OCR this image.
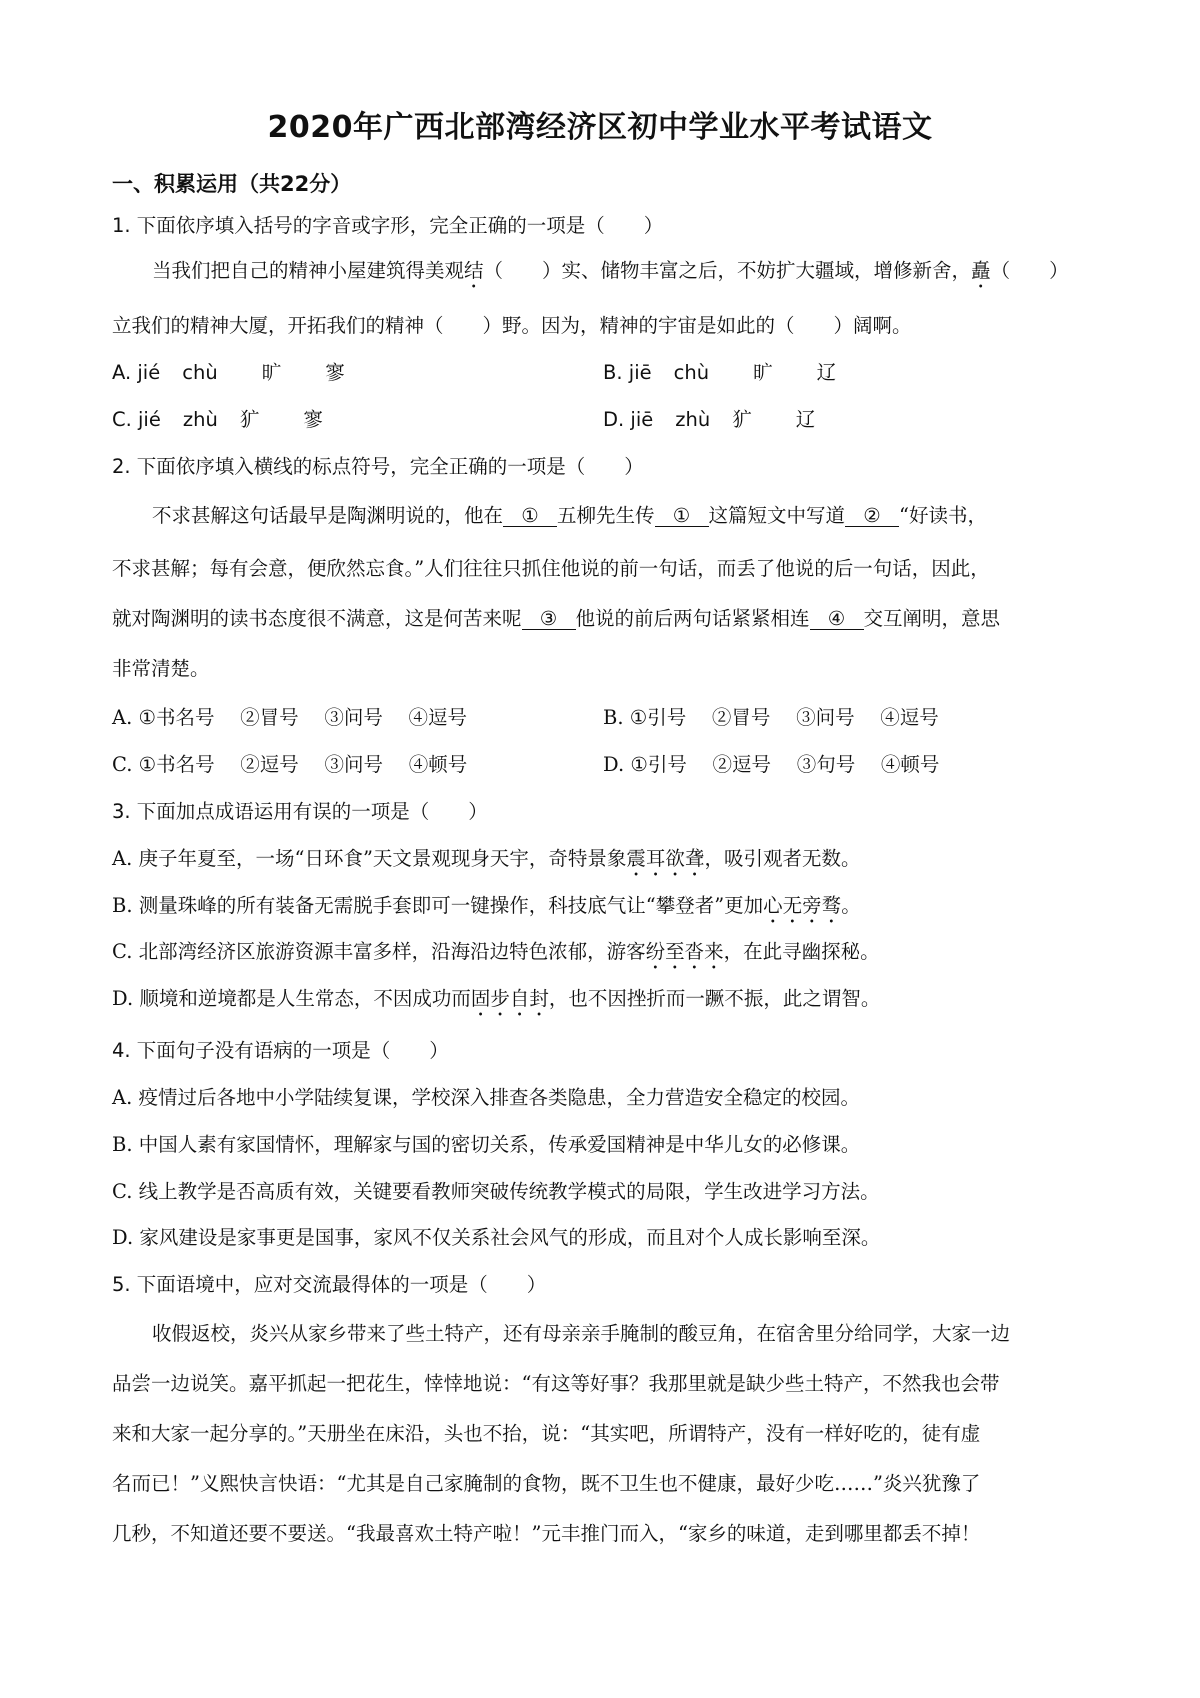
2020年广西北部湾经济区初中学业水平考试语文
一、积累运用（共22分）
1. 下面依序填入括号的字音或字形，完全正确的一项是（　　）
当我们把自己的精神小屋建筑得美观结（　　）实、储物丰富之后，不妨扩大疆域，增修新舍，矗（　　）
立我们的精神大厦，开拓我们的精神（　　）野。因为，精神的宇宙是如此的（　　）阔啊。
A. jié chù 旷 寥	B. jiē chù 旷 辽
C. jié zhù 犷 寥	D. jiē zhù 犷 辽
2. 下面依序填入横线的标点符号，完全正确的一项是（　　）
不求甚解这句话最早是陶渊明说的，他在 ① 五柳先生传 ① 这篇短文中写道 ② “好读书，
不求甚解；每有会意，便欣然忘食。”人们往往只抓住他说的前一句话，而丢了他说的后一句话，因此，
就对陶渊明的读书态度很不满意，这是何苦来呢 ③ 他说的前后两句话紧紧相连 ④ 交互阐明，意思
非常清楚。
A. ①书名号　 ②冒号　 ③问号　 ④逗号	B. ①引号　 ②冒号　 ③问号　 ④逗号
C. ①书名号　 ②逗号　 ③问号　 ④顿号	D. ①引号　 ②逗号　 ③句号　 ④顿号
3. 下面加点成语运用有误的一项是（　　）
A. 庚子年夏至，一场“日环食”天文景观现身天宇，奇特景象震耳欲聋，吸引观者无数。
B. 测量珠峰的所有装备无需脱手套即可一键操作，科技底气让“攀登者”更加心无旁骛。
C. 北部湾经济区旅游资源丰富多样，沿海沿边特色浓郁，游客纷至沓来，在此寻幽探秘。
D. 顺境和逆境都是人生常态，不因成功而固步自封，也不因挫折而一蹶不振，此之谓智。
4. 下面句子没有语病的一项是（　　）
A. 疫情过后各地中小学陆续复课，学校深入排查各类隐患，全力营造安全稳定的校园。
B. 中国人素有家国情怀，理解家与国的密切关系，传承爱国精神是中华儿女的必修课。
C. 线上教学是否高质有效，关键要看教师突破传统教学模式的局限，学生改进学习方法。
D. 家风建设是家事更是国事，家风不仅关系社会风气的形成，而且对个人成长影响至深。
5. 下面语境中，应对交流最得体的一项是（　　）
收假返校，炎兴从家乡带来了些土特产，还有母亲亲手腌制的酸豆角，在宿舍里分给同学，大家一边
品尝一边说笑。嘉平抓起一把花生，悻悻地说：“有这等好事？我那里就是缺少些土特产，不然我也会带
来和大家一起分享的。”天册坐在床沿，头也不抬，说：“其实吧，所谓特产，没有一样好吃的，徒有虚
名而已！”义熙快言快语：“尤其是自己家腌制的食物，既不卫生也不健康，最好少吃……”炎兴犹豫了
几秒，不知道还要不要送。“我最喜欢土特产啦！”元丰推门而入，“家乡的味道，走到哪里都丢不掉！
